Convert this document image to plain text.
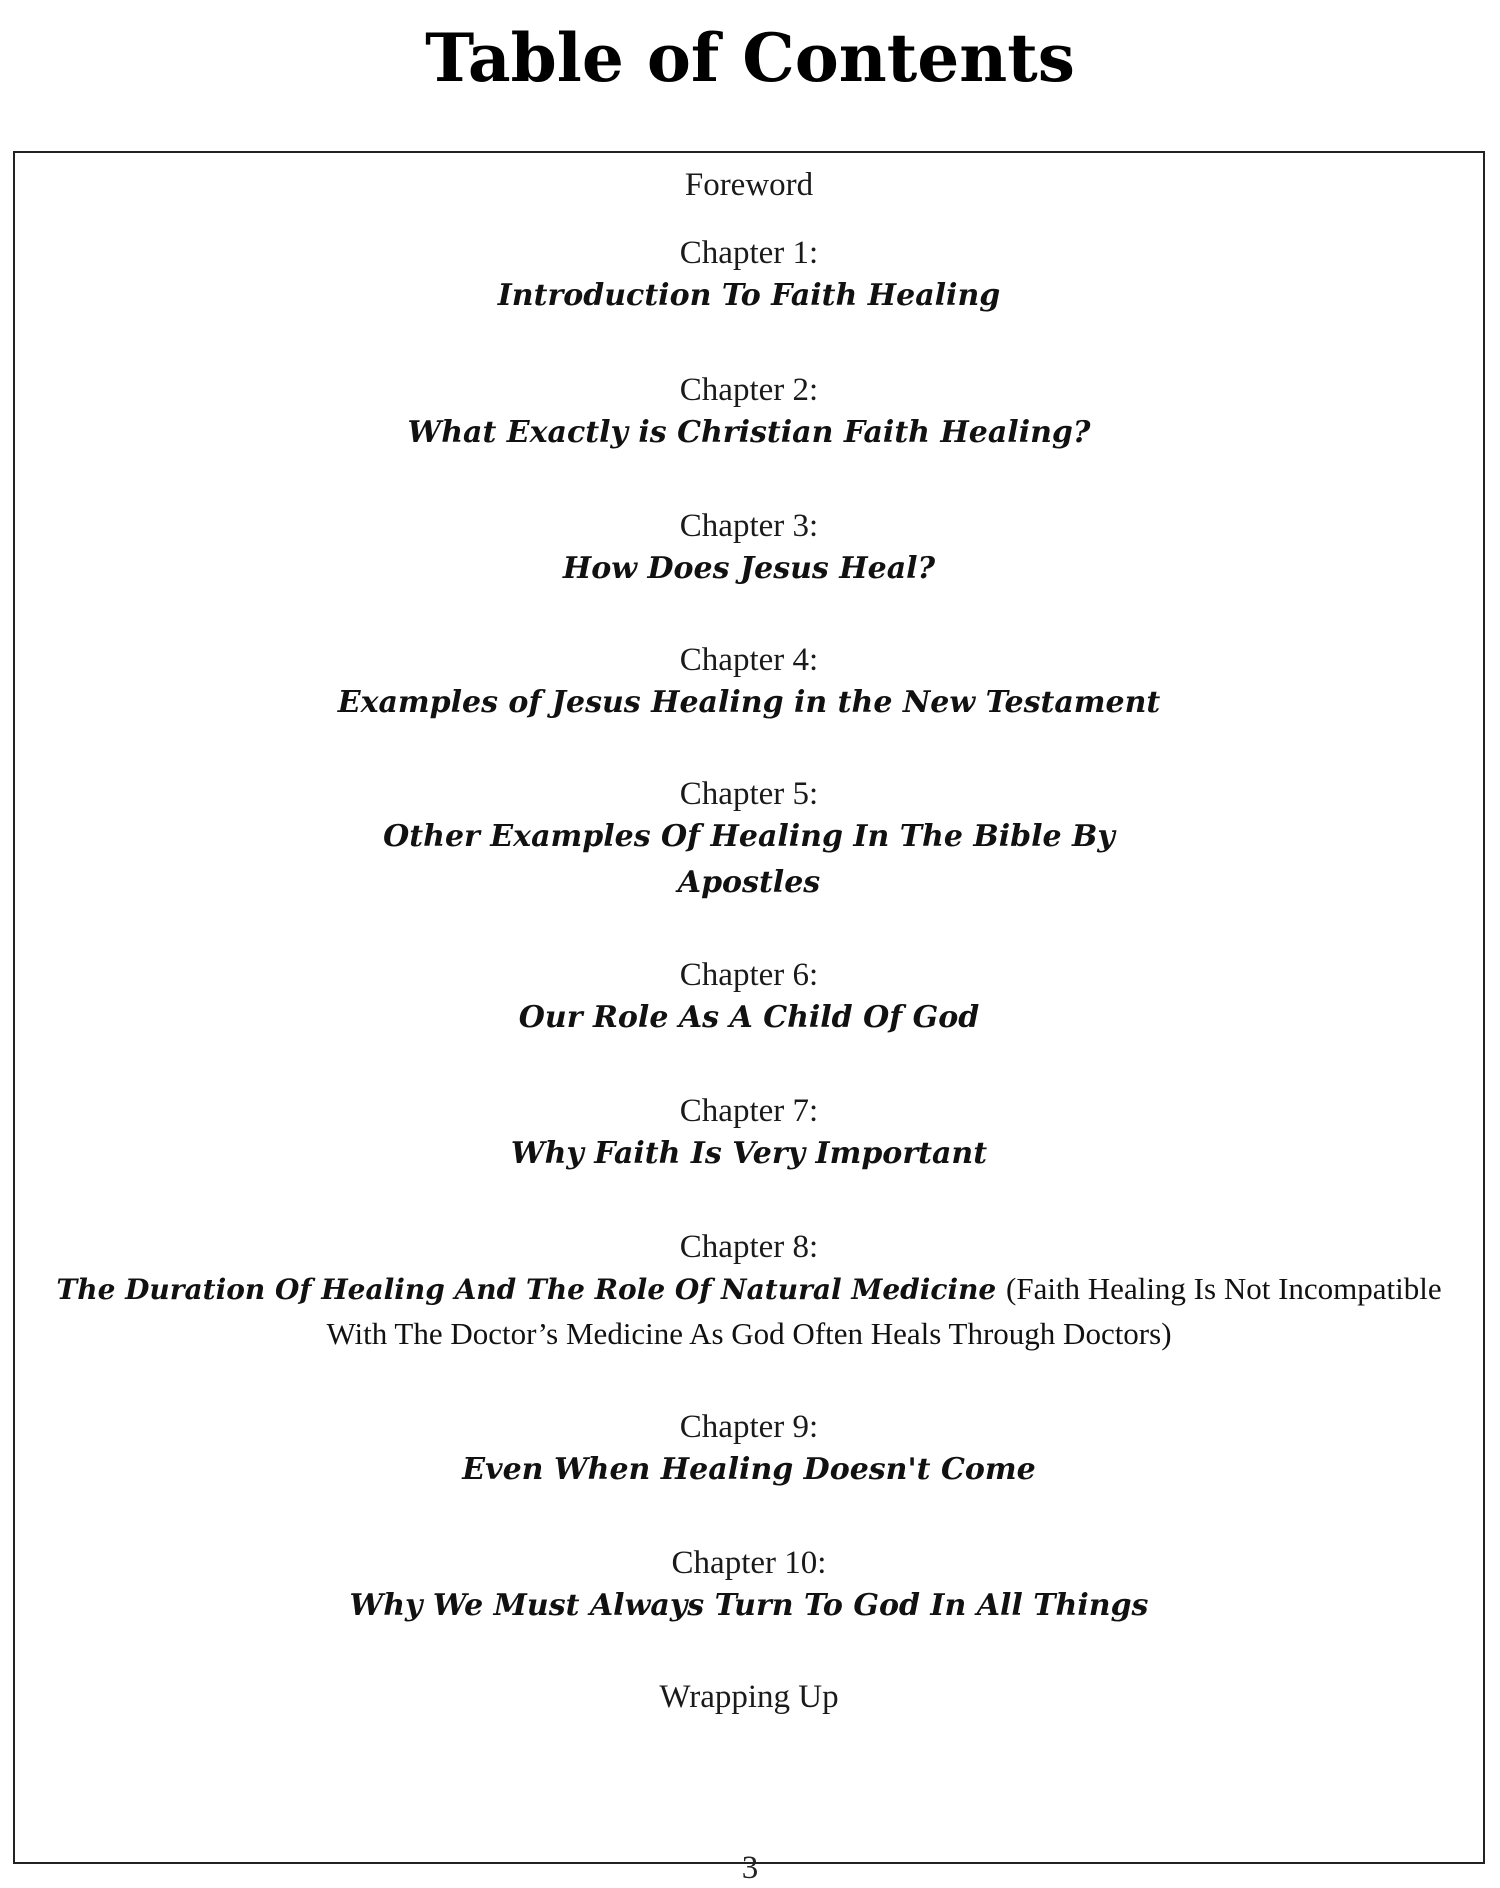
Table of Contents
Foreword
Chapter 1:
Introduction To Faith Healing
Chapter 2:
What Exactly is Christian Faith Healing?
Chapter 3:
How Does Jesus Heal?
Chapter 4:
Examples of Jesus Healing in the New Testament
Chapter 5:
Other Examples Of Healing In The Bible By Apostles
Chapter 6:
Our Role As A Child Of God
Chapter 7:
Why Faith Is Very Important
Chapter 8:
The Duration Of Healing And The Role Of Natural Medicine (Faith Healing Is Not Incompatible With The Doctor’s Medicine As God Often Heals Through Doctors)
Chapter 9:
Even When Healing Doesn't Come
Chapter 10:
Why We Must Always Turn To God In All Things
Wrapping Up
3
